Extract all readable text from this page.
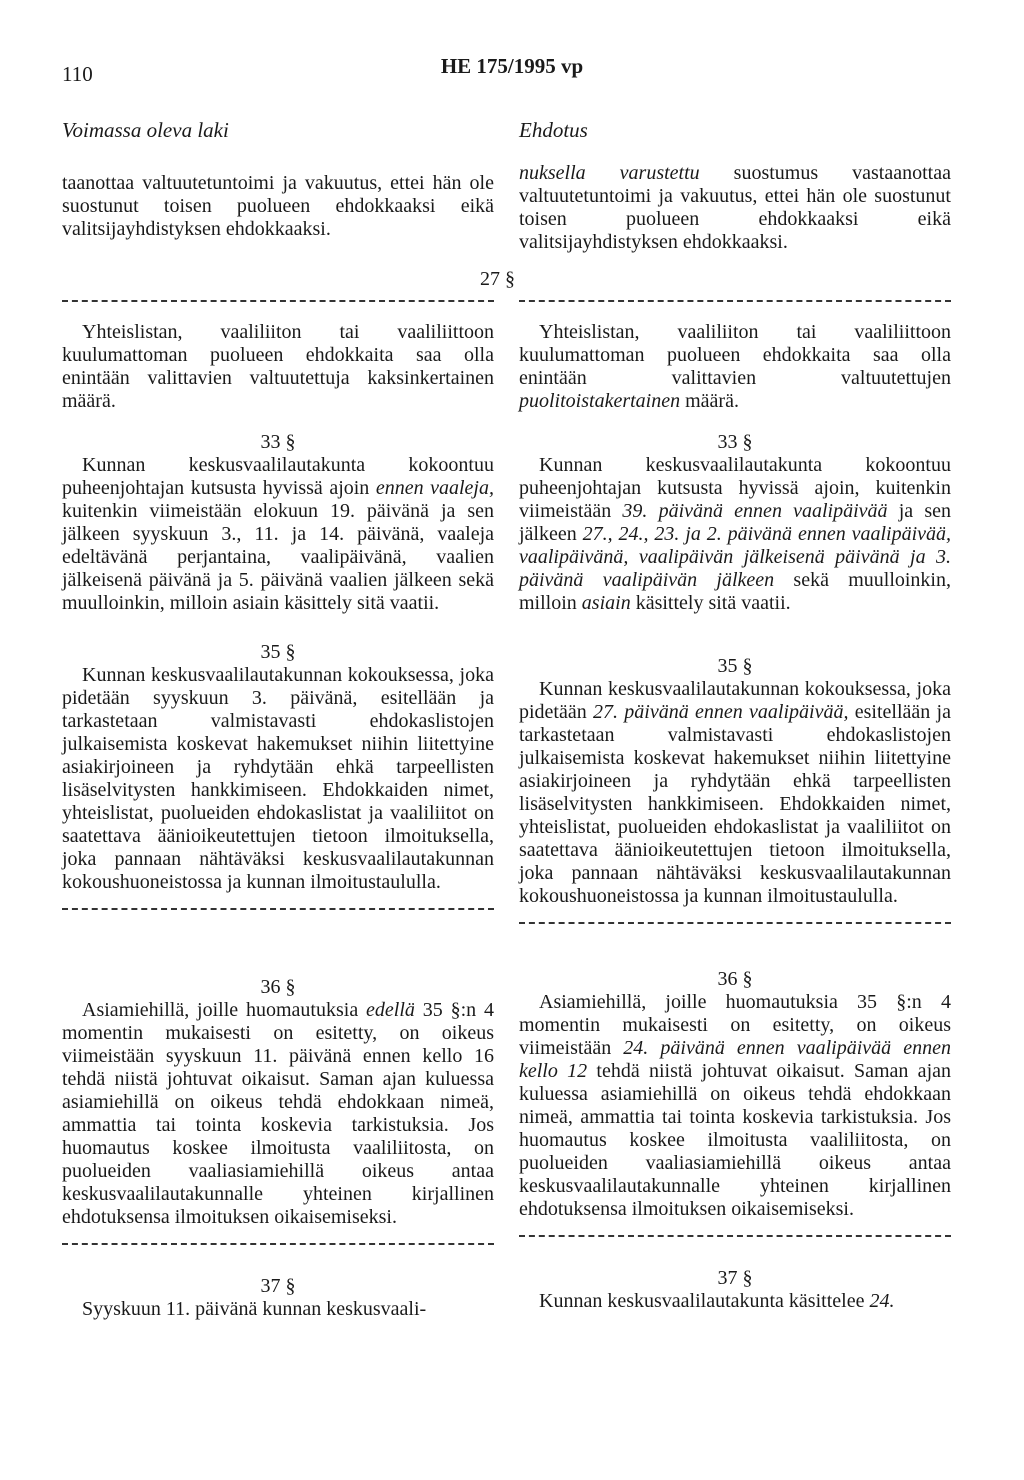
110	HE 175/1995 vp
Voimassa oleva laki	Ehdotus
27 §

taanottaa valtuutetuntoimi ja vakuutus, ettei hän ole suostunut toisen puolueen ehdokkaaksi eikä valitsijayhdistyksen ehdokkaaksi.

Yhteislistan, vaaliliiton tai vaaliliittoon kuulumattoman puolueen ehdokkaita saa olla enintään valittavien valtuutettuja kaksinkertainen määrä.

33 §

Kunnan keskusvaalilautakunta kokoontuu puheenjohtajan kutsusta hyvissä ajoin ennen vaaleja, kuitenkin viimeistään elokuun 19. päivänä ja sen jälkeen syyskuun 3., 11. ja 14. päivänä, vaaleja edeltävänä perjantaina, vaalipäivänä, vaalien jälkeisenä päivänä ja 5. päivänä vaalien jälkeen sekä muulloinkin, milloin asiain käsittely sitä vaatii.

35 §

Kunnan keskusvaalilautakunnan kokouksessa, joka pidetään syyskuun 3. päivänä, esitellään ja tarkastetaan valmistavasti ehdokaslistojen julkaisemista koskevat hakemukset niihin liitettyine asiakirjoineen ja ryhdytään ehkä tarpeellisten lisäselvitysten hankkimiseen. Ehdokkaiden nimet, yhteislistat, puolueiden ehdokaslistat ja vaaliliitot on saatettava äänioikeutettujen tietoon ilmoituksella, joka pannaan nähtäväksi keskusvaalilautakunnan kokoushuoneistossa ja kunnan ilmoitustaululla.

36 §

Asiamiehillä, joille huomautuksia edellä 35 §:n 4 momentin mukaisesti on esitetty, on oikeus viimeistään syyskuun 11. päivänä ennen kello 16 tehdä niistä johtuvat oikaisut. Saman ajan kuluessa asiamiehillä on oikeus tehdä ehdokkaan nimeä, ammattia tai tointa koskevia tarkistuksia. Jos huomautus koskee ilmoitusta vaaliliitosta, on puolueiden vaaliasiamiehillä oikeus antaa keskusvaalilautakunnalle yhteinen kirjallinen ehdotuksensa ilmoituksen oikaisemiseksi.

37 §

Syyskuun 11. päivänä kunnan keskusvaali-

nuksella varustettu suostumus vastaanottaa valtuutetuntoimi ja vakuutus, ettei hän ole suostunut toisen puolueen ehdokkaaksi eikä valitsijayhdistyksen ehdokkaaksi.

Yhteislistan, vaaliliiton tai vaaliliittoon kuulumattoman puolueen ehdokkaita saa olla enintään valittavien valtuutettujen puolitoistakertainen määrä.

33 §

Kunnan keskusvaalilautakunta kokoontuu puheenjohtajan kutsusta hyvissä ajoin, kuitenkin viimeistään 39. päivänä ennen vaalipäivää ja sen jälkeen 27., 24., 23. ja 2. päivänä ennen vaalipäivää, vaalipäivänä, vaalipäivän jälkeisenä päivänä ja 3. päivänä vaalipäivän jälkeen sekä muulloinkin, milloin asiain käsittely sitä vaatii.

35 §

Kunnan keskusvaalilautakunnan kokouksessa, joka pidetään 27. päivänä ennen vaalipäivää, esitellään ja tarkastetaan valmistavasti ehdokaslistojen julkaisemista koskevat hakemukset niihin liitettyine asiakirjoineen ja ryhdytään ehkä tarpeellisten lisäselvitysten hankkimiseen. Ehdokkaiden nimet, yhteislistat, puolueiden ehdokaslistat ja vaaliliitot on saatettava äänioikeutettujen tietoon ilmoituksella, joka pannaan nähtäväksi keskusvaalilautakunnan kokoushuoneistossa ja kunnan ilmoitustaululla.

36 §

Asiamiehillä, joille huomautuksia 35 §:n 4 momentin mukaisesti on esitetty, on oikeus viimeistään 24. päivänä ennen vaalipäivää ennen kello 12 tehdä niistä johtuvat oikaisut. Saman ajan kuluessa asiamiehillä on oikeus tehdä ehdokkaan nimeä, ammattia tai tointa koskevia tarkistuksia. Jos huomautus koskee ilmoitusta vaaliliitosta, on puolueiden vaaliasiamiehillä oikeus antaa keskusvaalilautakunnalle yhteinen kirjallinen ehdotuksensa ilmoituksen oikaisemiseksi.

37 §

Kunnan keskusvaalilautakunta käsittelee 24.
